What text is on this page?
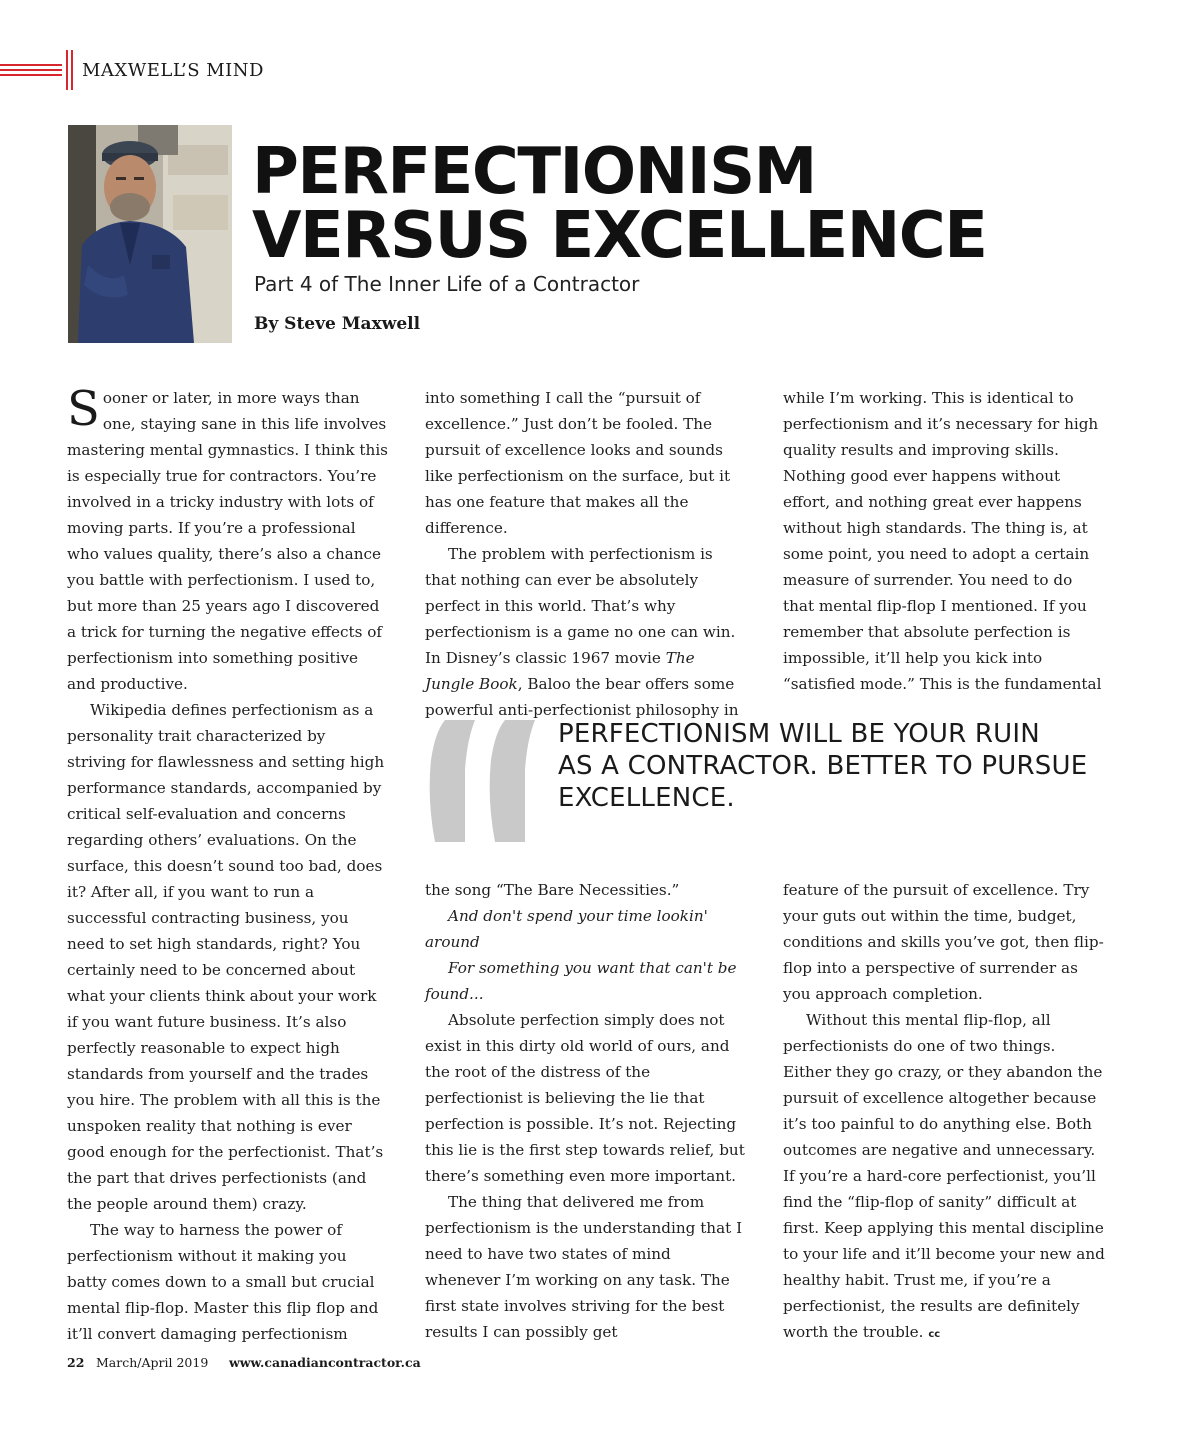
MAXWELL’S MIND
PERFECTIONISM
VERSUS EXCELLENCE
Part 4 of The Inner Life of a Contractor
By Steve Maxwell

Sooner or later, in more ways than one, staying sane in this life involves mastering mental gymnastics. I think this is especially true for contractors. You’re involved in a tricky industry with lots of moving parts. If you’re a professional who values quality, there’s also a chance you battle with perfectionism. I used to, but more than 25 years ago I discovered a trick for turning the negative effects of perfectionism into something positive and productive.

Wikipedia defines perfectionism as a personality trait characterized by striving for flawlessness and setting high performance standards, accompanied by critical self-evaluation and concerns regarding others’ evaluations. On the surface, this doesn’t sound too bad, does it? After all, if you want to run a successful contracting business, you need to set high standards, right? You certainly need to be concerned about what your clients think about your work if you want future business. It’s also perfectly reasonable to expect high standards from yourself and the trades you hire. The problem with all this is the unspoken reality that nothing is ever good enough for the perfectionist. That’s the part that drives perfectionists (and the people around them) crazy.

The way to harness the power of perfectionism without it making you batty comes down to a small but crucial mental flip-flop. Master this flip flop and it’ll convert damaging perfectionism

into something I call the “pursuit of excellence.” Just don’t be fooled. The pursuit of excellence looks and sounds like perfectionism on the surface, but it has one feature that makes all the difference.

The problem with perfectionism is that nothing can ever be absolutely perfect in this world. That’s why perfectionism is a game no one can win. In Disney’s classic 1967 movie The Jungle Book, Baloo the bear offers some powerful anti-perfectionist philosophy in

while I’m working. This is identical to perfectionism and it’s necessary for high quality results and improving skills. Nothing good ever happens without effort, and nothing great ever happens without high standards. The thing is, at some point, you need to adopt a certain measure of surrender. You need to do that mental flip-flop I mentioned. If you remember that absolute perfection is impossible, it’ll help you kick into “satisfied mode.” This is the fundamental

PERFECTIONISM WILL BE YOUR RUIN
AS A CONTRACTOR. BETTER TO PURSUE
EXCELLENCE.

the song “The Bare Necessities.”

And don't spend your time lookin' around

For something you want that can't be found...

Absolute perfection simply does not exist in this dirty old world of ours, and the root of the distress of the perfectionist is believing the lie that perfection is possible. It’s not. Rejecting this lie is the first step towards relief, but there’s something even more important.

The thing that delivered me from perfectionism is the understanding that I need to have two states of mind whenever I’m working on any task. The first state involves striving for the best results I can possibly get

feature of the pursuit of excellence. Try your guts out within the time, budget, conditions and skills you’ve got, then flip-flop into a perspective of surrender as you approach completion.

Without this mental flip-flop, all perfectionists do one of two things. Either they go crazy, or they abandon the pursuit of excellence altogether because it’s too painful to do anything else. Both outcomes are negative and unnecessary. If you’re a hard-core perfectionist, you’ll find the “flip-flop of sanity” difficult at first. Keep applying this mental discipline to your life and it’ll become your new and healthy habit. Trust me, if you’re a perfectionist, the results are definitely worth the trouble. cc

22 March/April 2019 www.canadiancontractor.ca
